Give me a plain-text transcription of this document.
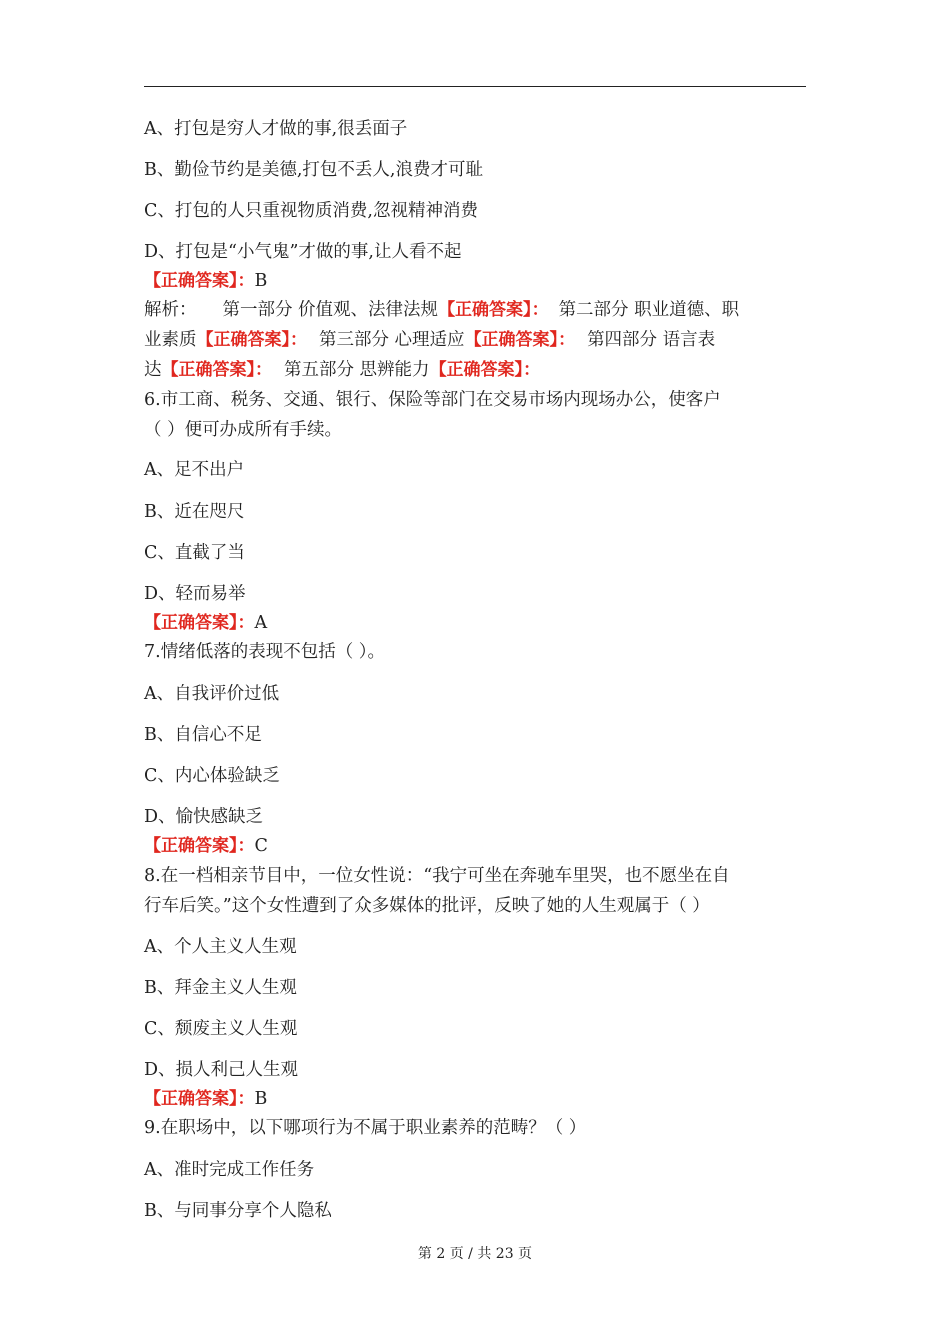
A、打包是穷人才做的事,很丢面子
B、勤俭节约是美德,打包不丢人,浪费才可耻
C、打包的人只重视物质消费,忽视精神消费
D、打包是“小气鬼”才做的事,让人看不起
【正确答案】：B
解析： 第一部分 价值观、法律法规【正确答案】： 第二部分 职业道德、职
业素质【正确答案】： 第三部分 心理适应【正确答案】： 第四部分 语言表
达【正确答案】： 第五部分 思辨能力【正确答案】：
6.市工商、税务、交通、银行、保险等部门在交易市场内现场办公，使客户
（ ）便可办成所有手续。
A、足不出户
B、近在咫尺
C、直截了当
D、轻而易举
【正确答案】：A
7.情绪低落的表现不包括（ ）。
A、自我评价过低
B、自信心不足
C、内心体验缺乏
D、愉快感缺乏
【正确答案】：C
8.在一档相亲节目中，一位女性说：“我宁可坐在奔驰车里哭，也不愿坐在自
行车后笑。”这个女性遭到了众多媒体的批评，反映了她的人生观属于（ ）
A、个人主义人生观
B、拜金主义人生观
C、颓废主义人生观
D、损人利己人生观
【正确答案】：B
9.在职场中，以下哪项行为不属于职业素养的范畴？（ ）
A、准时完成工作任务
B、与同事分享个人隐私
第 2 页 / 共 23 页
